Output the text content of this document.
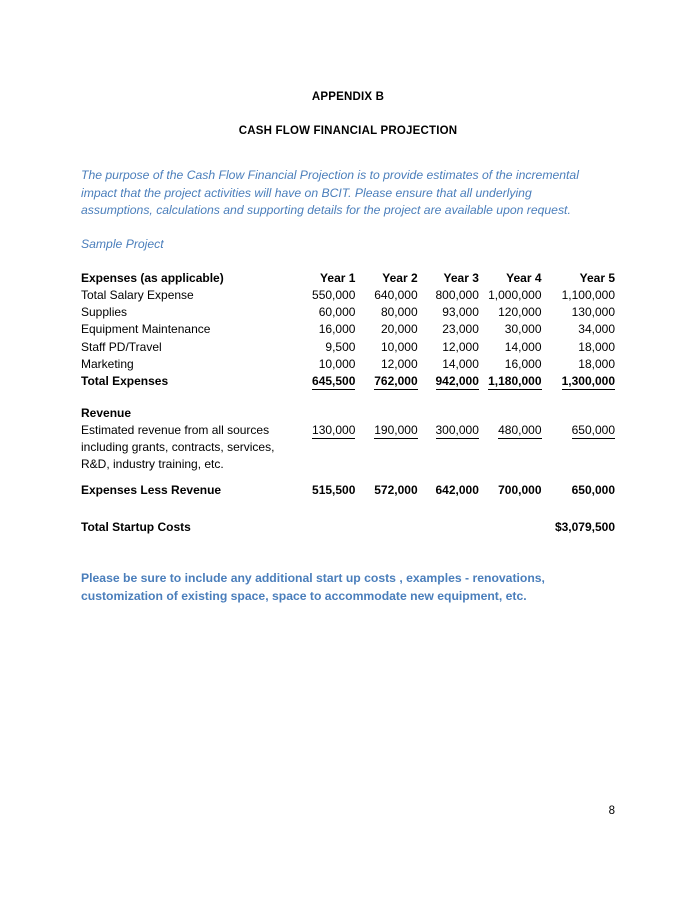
APPENDIX B
CASH FLOW FINANCIAL PROJECTION

The purpose of the Cash Flow Financial Projection is to provide estimates of the incremental impact that the project activities will have on BCIT. Please ensure that all underlying assumptions, calculations and supporting details for the project are available upon request.

Sample Project
Expenses (as applicable)	Year 1	Year 2	Year 3	Year 4	Year 5
Total Salary Expense	550,000	640,000	800,000	1,000,000	1,100,000
Supplies	60,000	80,000	93,000	120,000	130,000
Equipment Maintenance	16,000	20,000	23,000	30,000	34,000
Staff PD/Travel	9,500	10,000	12,000	14,000	18,000
Marketing	10,000	12,000	14,000	16,000	18,000
Total Expenses	645,500	762,000	942,000	1,180,000	1,300,000

Revenue					

Estimated revenue from all sources
including grants, contracts, services,
R&D, industry training, etc.	130,000	190,000	300,000	480,000	650,000

Expenses Less Revenue	515,500	572,000	642,000	700,000	650,000

Total Startup Costs					$3,079,500
Please be sure to include any additional start up costs , examples - renovations,
customization of existing space, space to accommodate new equipment, etc.
8
